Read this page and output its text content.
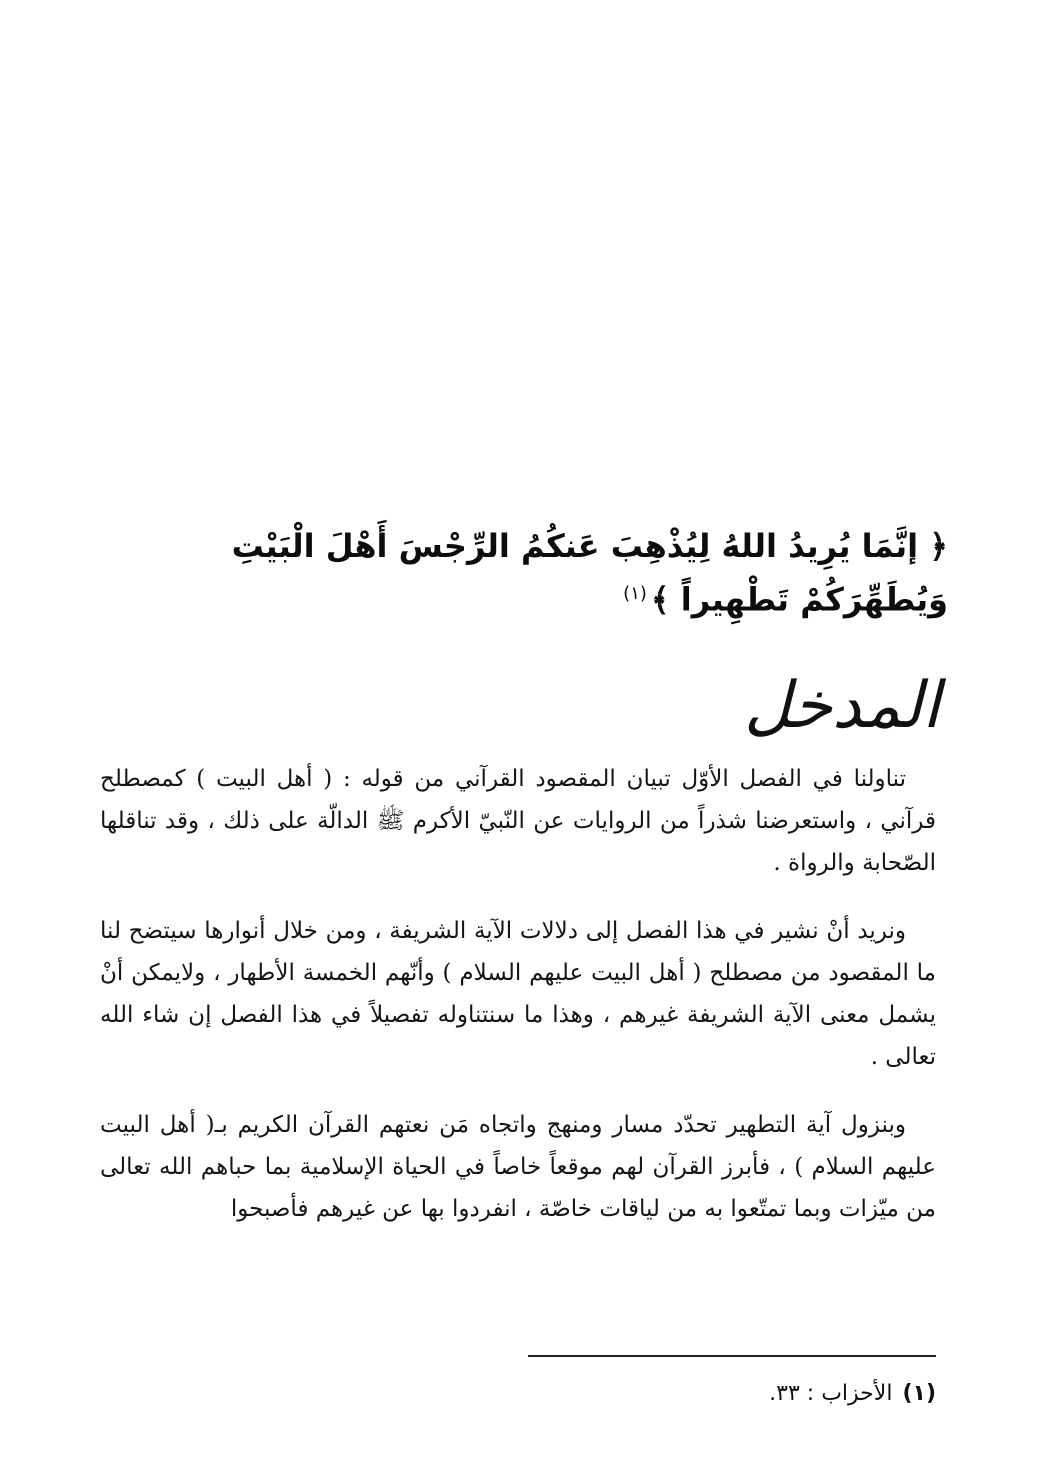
﴿ إنَّمَا يُرِيدُ اللهُ لِيُذْهِبَ عَنكُمُ الرِّجْسَ أَهْلَ الْبَيْتِ وَيُطَهِّرَكُمْ تَطْهِيراً ﴾$^{(١)}$
المدخل

تناولنا في الفصل الأوّل تبيان المقصود القرآني من قوله : ( أهل البيت ) كمصطلح قرآني ، واستعرضنا شذراً من الروايات عن النّبيّ الأكرم ﷺ الدالّة على ذلك ، وقد تناقلها الصّحابة والرواة .

ونريد أنْ نشير في هذا الفصل إلى دلالات الآية الشريفة ، ومن خلال أنوارها سيتضح لنا ما المقصود من مصطلح ( أهل البيت عليهم السلام ) وأنّهم الخمسة الأطهار ، ولايمكن أنْ يشمل معنى الآية الشريفة غيرهم ، وهذا ما سنتناوله تفصيلاً في هذا الفصل إن شاء الله تعالى .

وبنزول آية التطهير تحدّد مسار ومنهج واتجاه مَن نعتهم القرآن الكريم بـ( أهل البيت عليهم السلام ) ، فأبرز القرآن لهم موقعاً خاصاً في الحياة الإسلامية بما حباهم الله تعالى من ميّزات وبما تمتّعوا به من لياقات خاصّة ، انفردوا بها عن غيرهم فأصبحوا

(١)الأحزاب : ٣٣.
